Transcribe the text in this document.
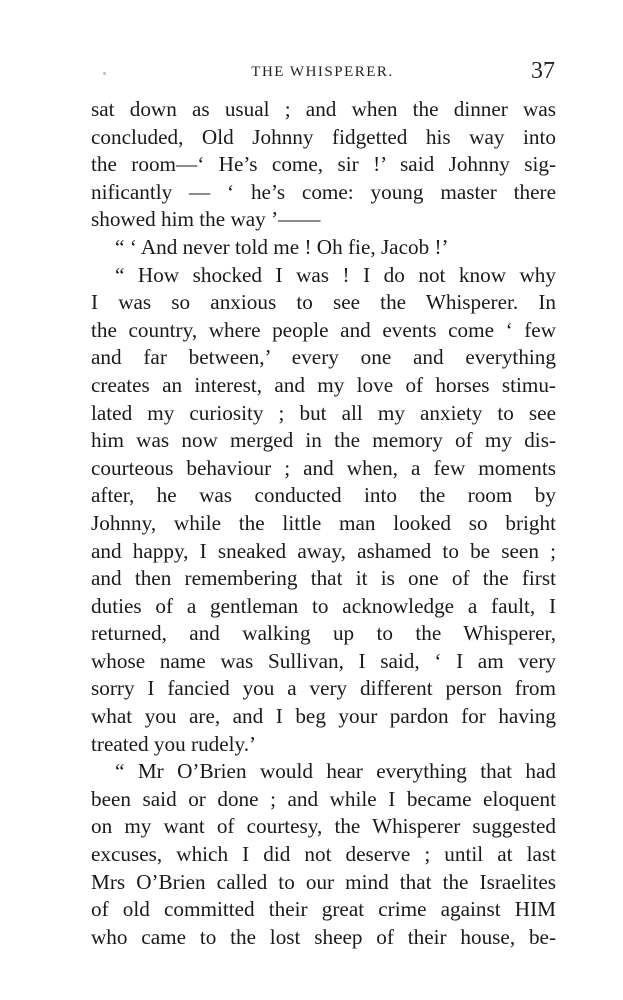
THE WHISPERER.	37
sat down as usual ; and when the dinner was
concluded, Old Johnny fidgetted his way into
the room—‘ He’s come, sir !’ said Johnny sig-
nificantly — ‘ he’s come: young master there
showed him the way ’——
“ ‘ And never told me ! Oh fie, Jacob !’
“ How shocked I was ! I do not know why
I was so anxious to see the Whisperer. In
the country, where people and events come ‘ few
and far between,’ every one and everything
creates an interest, and my love of horses stimu-
lated my curiosity ; but all my anxiety to see
him was now merged in the memory of my dis-
courteous behaviour ; and when, a few moments
after, he was conducted into the room by
Johnny, while the little man looked so bright
and happy, I sneaked away, ashamed to be seen ;
and then remembering that it is one of the first
duties of a gentleman to acknowledge a fault, I
returned, and walking up to the Whisperer,
whose name was Sullivan, I said, ‘ I am very
sorry I fancied you a very different person from
what you are, and I beg your pardon for having
treated you rudely.’
“ Mr O’Brien would hear everything that had
been said or done ; and while I became eloquent
on my want of courtesy, the Whisperer suggested
excuses, which I did not deserve ; until at last
Mrs O’Brien called to our mind that the Israelites
of old committed their great crime against HIM
who came to the lost sheep of their house, be-
